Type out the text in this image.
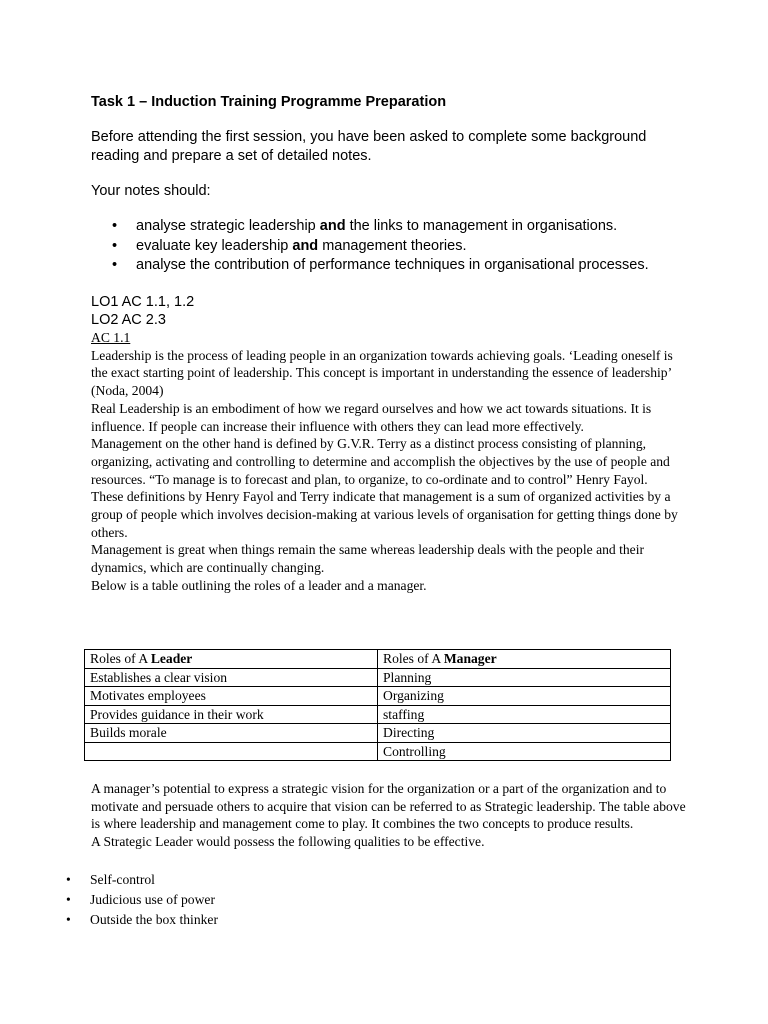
Task 1 – Induction Training Programme Preparation

Before attending the first session, you have been asked to complete some background reading and prepare a set of detailed notes.

Your notes should:

• analyse strategic leadership and the links to management in organisations.
• evaluate key leadership and management theories.
• analyse the contribution of performance techniques in organisational processes.
LO1 AC 1.1, 1.2
LO2 AC 2.3

AC 1.1

Leadership is the process of leading people in an organization towards achieving goals. ‘Leading oneself is the exact starting point of leadership. This concept is important in understanding the essence of leadership’ (Noda, 2004)

Real Leadership is an embodiment of how we regard ourselves and how we act towards situations. It is influence. If people can increase their influence with others they can lead more effectively.

Management on the other hand is defined by G.V.R. Terry as a distinct process consisting of planning, organizing, activating and controlling to determine and accomplish the objectives by the use of people and resources. “To manage is to forecast and plan, to organize, to co-ordinate and to control” Henry Fayol.

These definitions by Henry Fayol and Terry indicate that management is a sum of organized activities by a group of people which involves decision-making at various levels of organisation for getting things done by others.

Management is great when things remain the same whereas leadership deals with the people and their dynamics, which are continually changing.

Below is a table outlining the roles of a leader and a manager.

Roles of A Leader	Roles of A Manager
Establishes a clear vision	Planning
Motivates employees	Organizing
Provides guidance in their work	staffing
Builds morale	Directing
	Controlling

A manager’s potential to express a strategic vision for the organization or a part of the organization and to motivate and persuade others to acquire that vision can be referred to as Strategic leadership. The table above is where leadership and management come to play. It combines the two concepts to produce results.

A Strategic Leader would possess the following qualities to be effective.

• Self-control
• Judicious use of power
• Outside the box thinker
